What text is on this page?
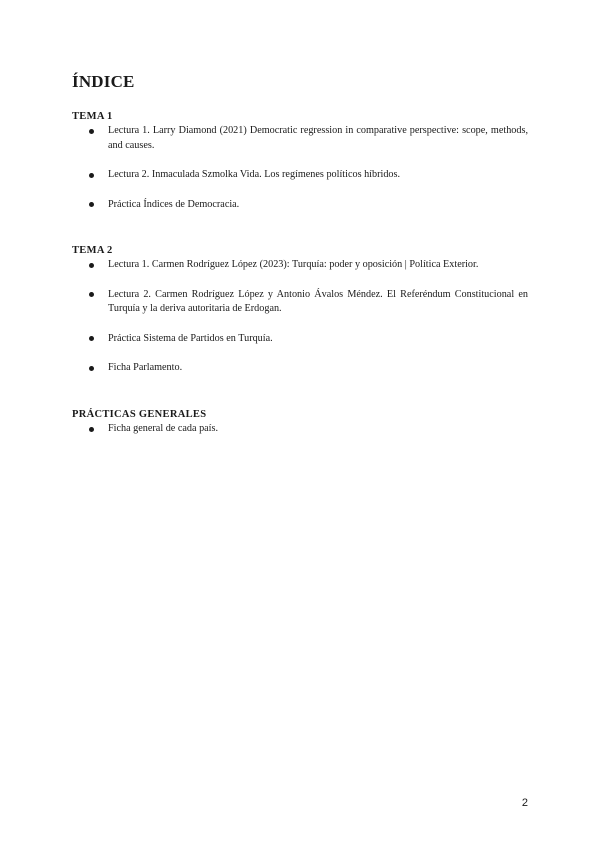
ÍNDICE
TEMA 1
Lectura 1. Larry Diamond (2021) Democratic regression in comparative perspective: scope, methods, and causes.
Lectura 2. Inmaculada Szmolka Vida. Los regímenes políticos híbridos.
Práctica Índices de Democracia.
TEMA 2
Lectura 1. Carmen Rodríguez López (2023): Turquía: poder y oposición | Política Exterior.
Lectura 2. Carmen Rodríguez López y Antonio Ávalos Méndez. El Referéndum Constitucional en Turquía y la deriva autoritaria de Erdogan.
Práctica Sistema de Partidos en Turquía.
Ficha Parlamento.
PRÁCTICAS GENERALES
Ficha general de cada país.
2
